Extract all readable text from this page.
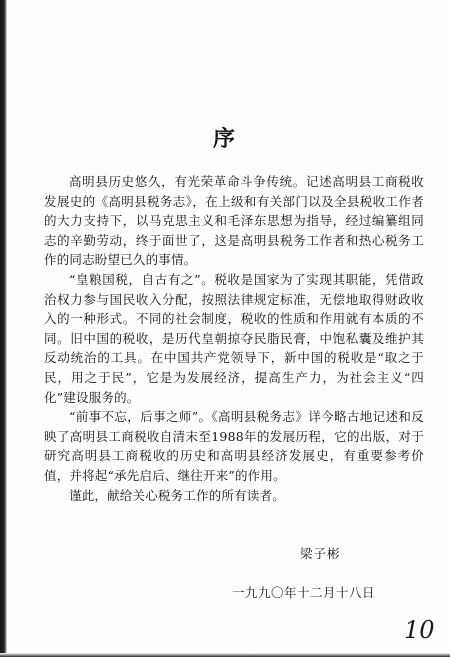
序

高明县历史悠久，有光荣革命斗争传统。记述高明县工商税收发展史的《高明县税务志》，在上级和有关部门以及全县税收工作者的大力支持下，以马克思主义和毛泽东思想为指导，经过编纂组同志的辛勤劳动，终于面世了，这是高明县税务工作者和热心税务工作的同志盼望已久的事情。

“皇粮国税，自古有之”。税收是国家为了实现其职能，凭借政治权力参与国民收入分配，按照法律规定标准，无偿地取得财政收入的一种形式。不同的社会制度，税收的性质和作用就有本质的不同。旧中国的税收，是历代皇朝掠夺民脂民膏，中饱私囊及维护其反动统治的工具。在中国共产党领导下，新中国的税收是“取之于民，用之于民”，它是为发展经济，提高生产力，为社会主义“四化”建设服务的。

“前事不忘，后事之师”。《高明县税务志》详今略古地记述和反映了高明县工商税收自清末至1988年的发展历程，它的出版，对于研究高明县工商税收的历史和高明县经济发展史，有重要参考价值，并将起“承先启后、继往开来”的作用。

谨此，献给关心税务工作的所有读者。

梁子彬
一九九〇年十二月十八日
10
